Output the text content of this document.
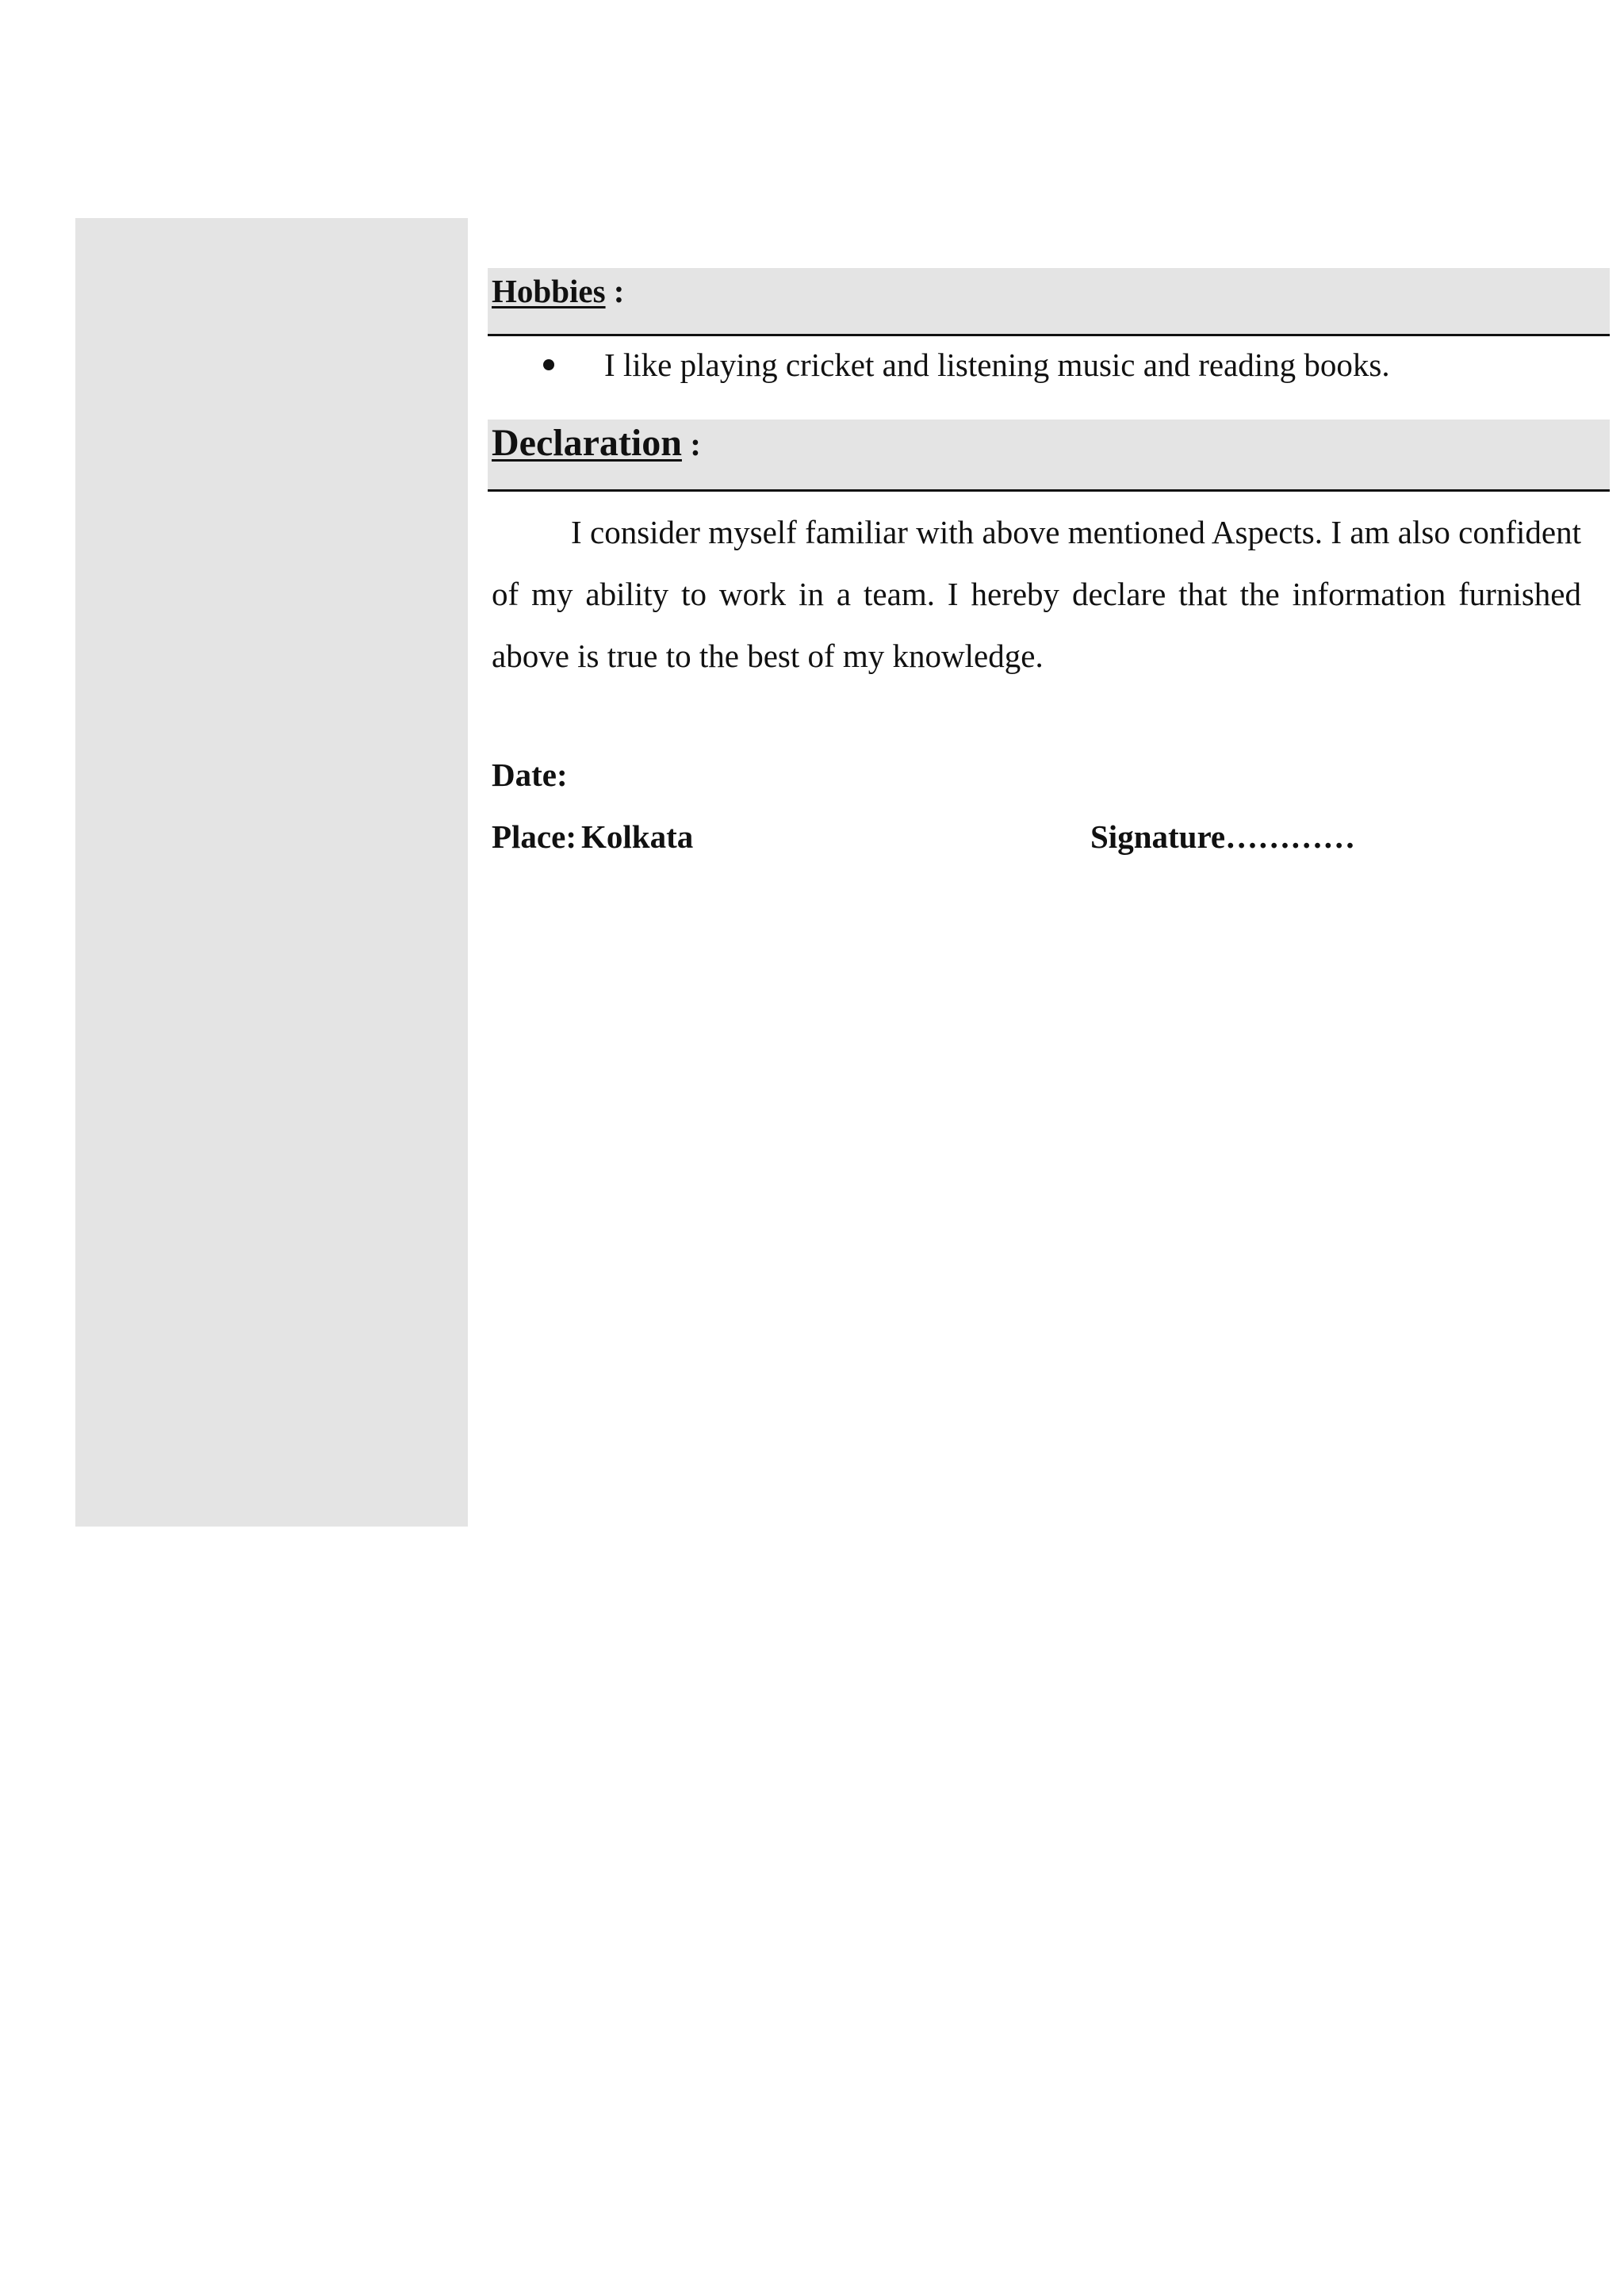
Hobbies :
I like playing cricket and listening music and reading books.
Declaration :

I consider myself familiar with above mentioned Aspects. I am also confident of my ability to work in a team. I hereby declare that the information furnished above is true to the best of my knowledge.

Date:
Place: Kolkata	Signature…………
